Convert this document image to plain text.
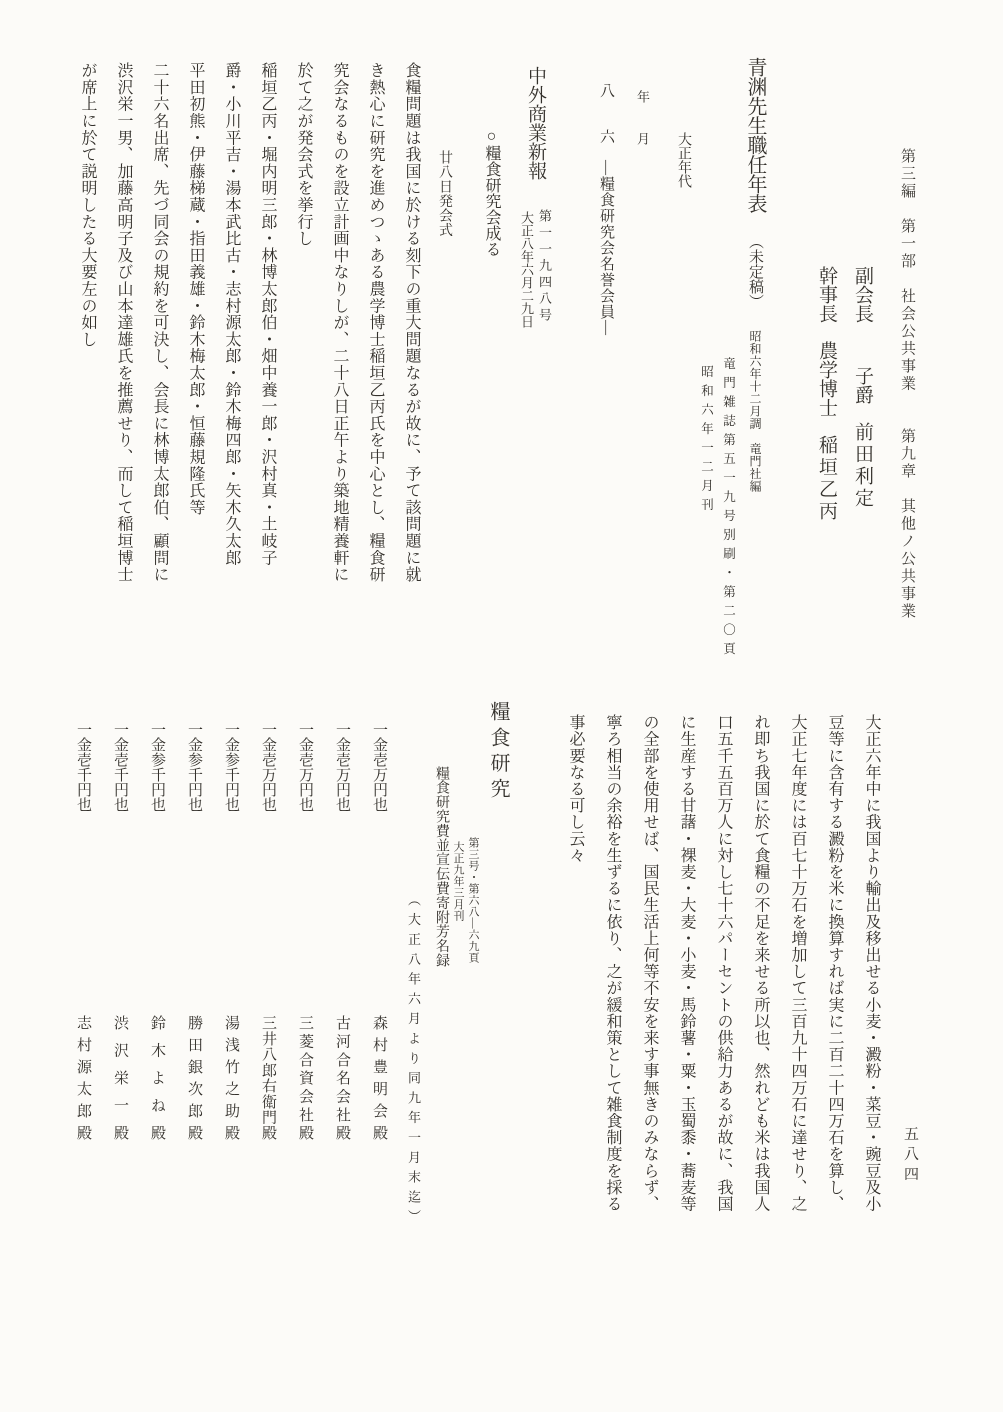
第三編　第一部　社会公共事業　　第九章　其他ノ公共事業
五八四
副会長 子爵 前田利定
幹事長 農学博士 稲垣乙丙
青渊先生職任年表 （未定稿） 昭和六年十二月調　竜門社編
竜門雑誌第五一九号別刷・第二〇頁
昭和六年一二月刊
大正年代
年
月
八
六
―糧食研究会名誉会員―
中外商業新報
第一一九四八号
大正八年六月二九日
○糧食研究会成る
廿八日発会式

食糧問題は我国に於ける刻下の重大問題なるが故に、予て該問題に就

き熱心に研究を進めつゝある農学博士稲垣乙丙氏を中心とし、糧食研

究会なるものを設立計画中なりしが、二十八日正午より築地精養軒に

於て之が発会式を挙行し

稲垣乙丙・堀内明三郎・林博太郎伯・畑中養一郎・沢村真・土岐子

爵・小川平吉・湯本武比古・志村源太郎・鈴木梅四郎・矢木久太郎

平田初熊・伊藤梯蔵・指田義雄・鈴木梅太郎・恒藤規隆氏等

二十六名出席、先づ同会の規約を可決し、会長に林博太郎伯、顧問に

渋沢栄一男、加藤高明子及び山本達雄氏を推薦せり、而して稲垣博士

が席上に於て説明したる大要左の如し

大正六年中に我国より輸出及移出せる小麦・澱粉・菜豆・豌豆及小

豆等に含有する澱粉を米に換算すれば実に二百二十四万石を算し、

大正七年度には百七十万石を増加して三百九十四万石に達せり、之

れ即ち我国に於て食糧の不足を来せる所以也、然れども米は我国人

口五千五百万人に対し七十六パーセントの供給力あるが故に、我国

に生産する甘藷・裸麦・大麦・小麦・馬鈴薯・粟・玉蜀黍・蕎麦等

の全部を使用せば、国民生活上何等不安を来す事無きのみならず、

寧ろ相当の余裕を生ずるに依り、之が緩和策として雑食制度を採る

事必要なる可し云々

糧食研究
第三号・第六八―六九頁
大正九年三月刊
糧食研究費並宣伝費寄附芳名録
（大正八年六月より同九年一月末迄）
一金壱万円也
森村豊明会殿
一金壱万円也
古河合名会社殿
一金壱万円也
三菱合資会社殿
一金壱万円也
三井八郎右衛門殿
一金参千円也
湯浅竹之助殿
一金参千円也
勝田銀次郎殿
一金参千円也
鈴木よね殿
一金壱千円也
渋沢栄一殿
一金壱千円也
志村源太郎殿
